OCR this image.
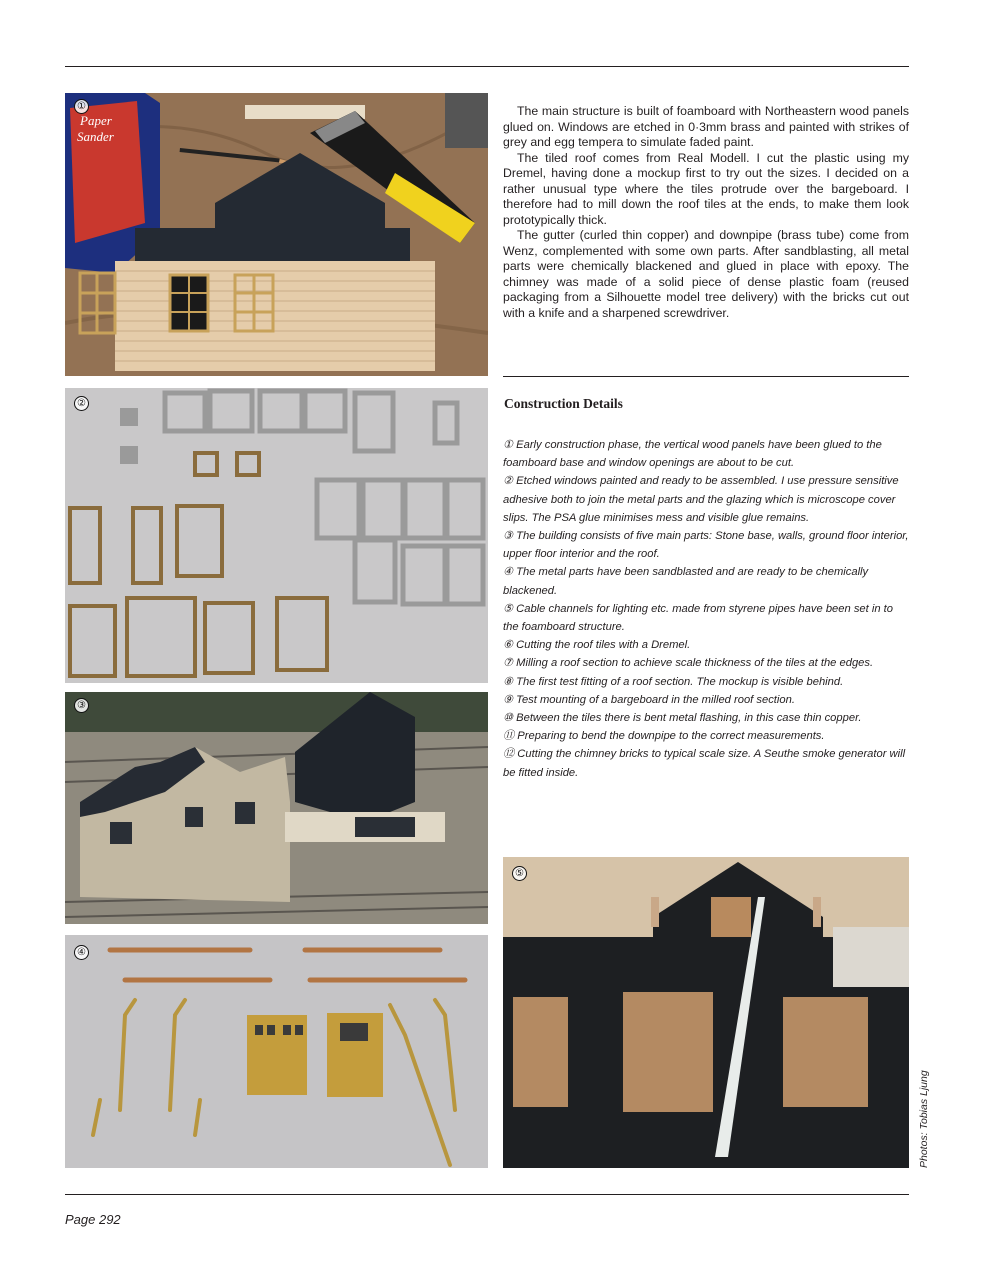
Paper
Sander
①
②
③
④
⑤

The main structure is built of foamboard with Northeastern wood panels glued on. Windows are etched in 0·3mm brass and painted with strikes of grey and egg tempera to simulate faded paint.

The tiled roof comes from Real Modell. I cut the plastic using my Dremel, having done a mockup first to try out the sizes. I decided on a rather unusual type where the tiles protrude over the bargeboard. I therefore had to mill down the roof tiles at the ends, to make them look prototypically thick.

The gutter (curled thin copper) and downpipe (brass tube) come from Wenz, complemented with some own parts. After sandblasting, all metal parts were chemically blackened and glued in place with epoxy. The chimney was made of a solid piece of dense plastic foam (reused packaging from a Silhouette model tree delivery) with the bricks cut out with a knife and a sharpened screwdriver.

Construction Details
① Early construction phase, the vertical wood panels have been glued to the foamboard base and window openings are about to be cut.
② Etched windows painted and ready to be assembled. I use pressure sensitive adhesive both to join the metal parts and the glazing which is microscope cover slips. The PSA glue minimises mess and visible glue remains.
③ The building consists of five main parts: Stone base, walls, ground floor interior, upper floor interior and the roof.
④ The metal parts have been sandblasted and are ready to be chemically blackened.
⑤ Cable channels for lighting etc. made from styrene pipes have been set in to the foamboard structure.
⑥ Cutting the roof tiles with a Dremel.
⑦ Milling a roof section to achieve scale thickness of the tiles at the edges.
⑧ The first test fitting of a roof section. The mockup is visible behind.
⑨ Test mounting of a bargeboard in the milled roof section.
⑩ Between the tiles there is bent metal flashing, in this case thin copper.
⑪ Preparing to bend the downpipe to the correct measurements.
⑫ Cutting the chimney bricks to typical scale size. A Seuthe smoke generator will be fitted inside.
Photos: Tobias Ljung
Page 292
